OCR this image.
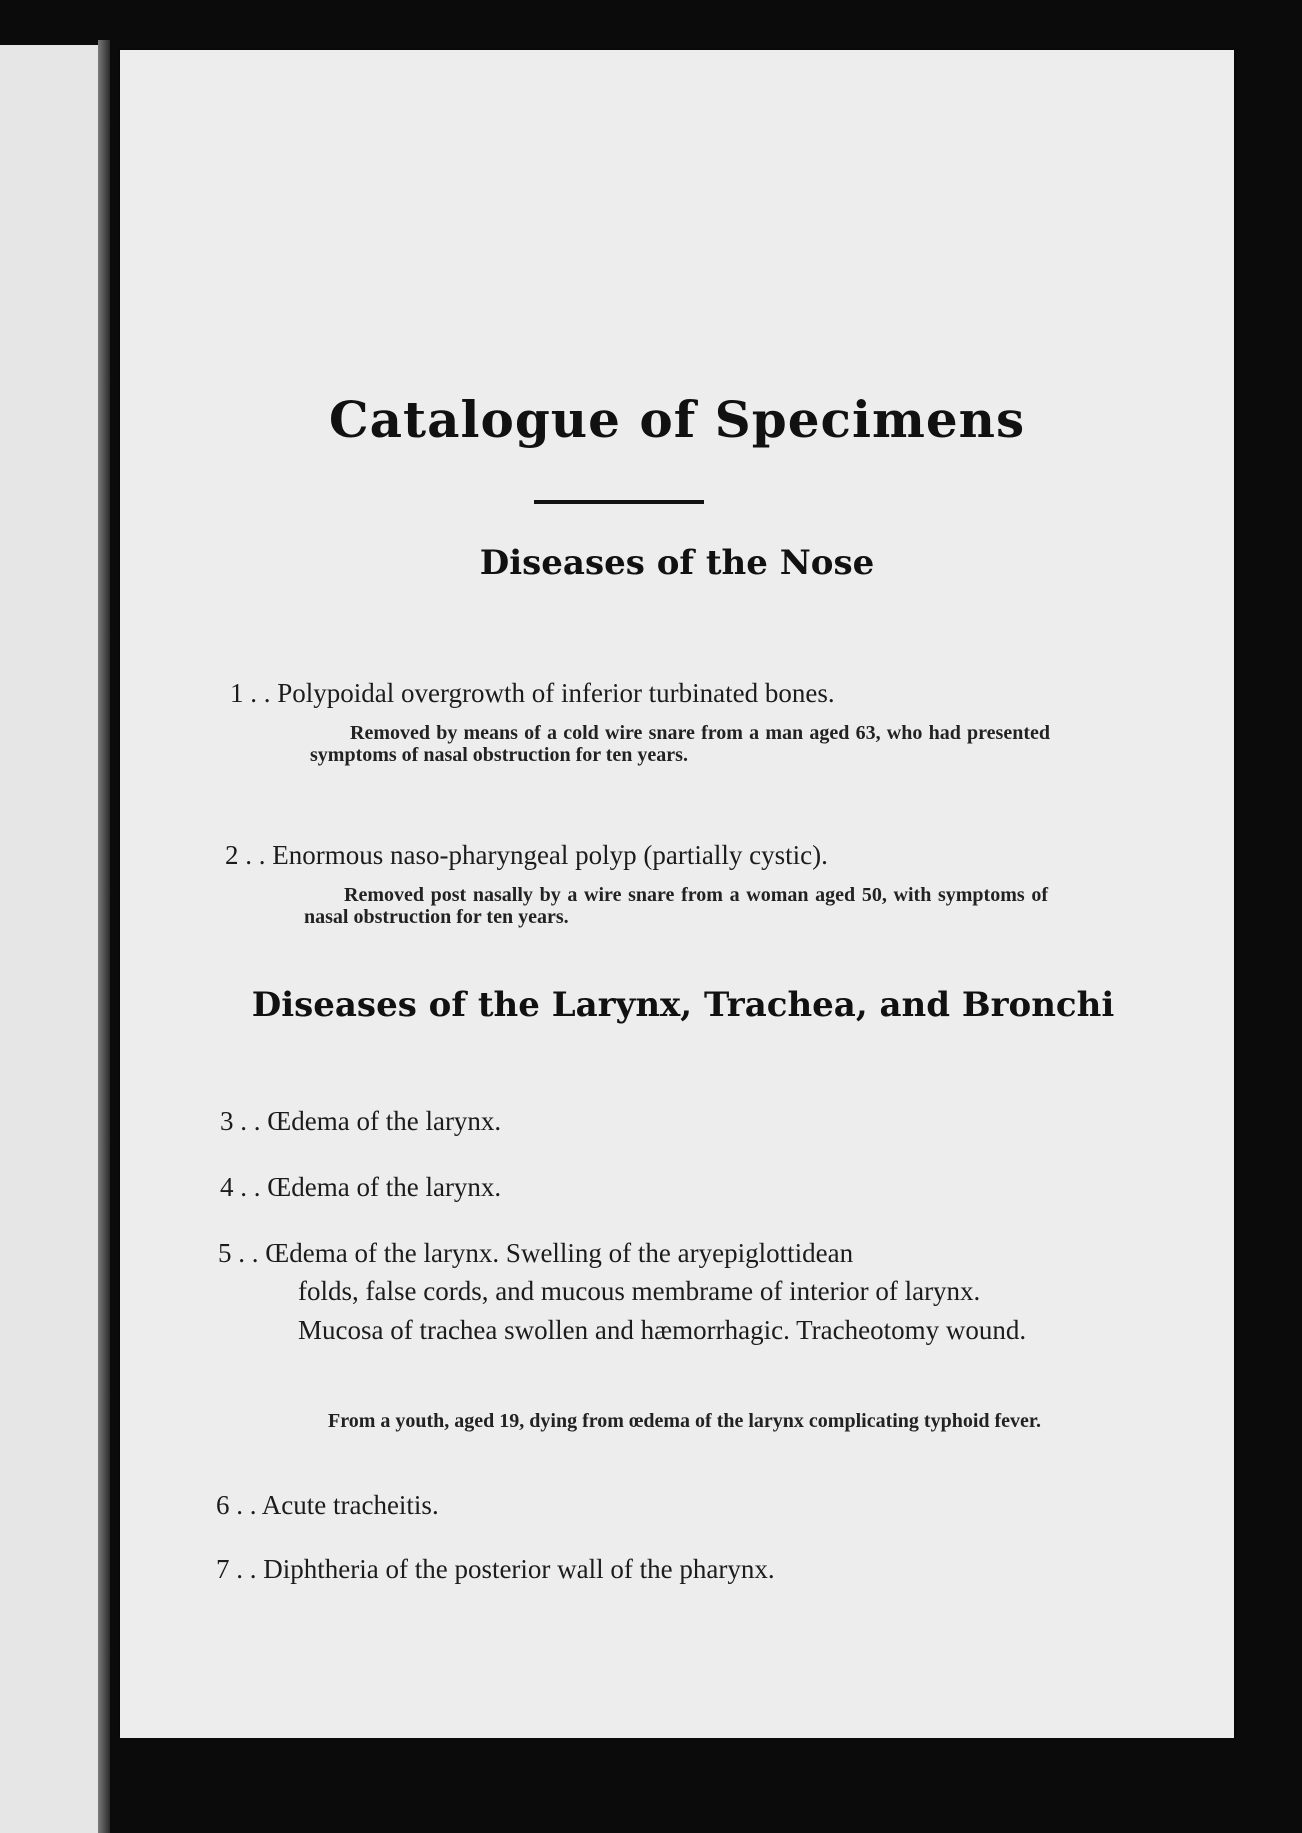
Catalogue of Specimens
Diseases of the Nose
1 . . Polypoidal overgrowth of inferior turbinated bones.
Removed by means of a cold wire snare from a man aged 63, who had presented symptoms of nasal obstruction for ten years.
2 . . Enormous naso-pharyngeal polyp (partially cystic).
Removed post nasally by a wire snare from a woman aged 50, with symptoms of nasal obstruction for ten years.
Diseases of the Larynx, Trachea, and Bronchi
3 . . Œdema of the larynx.
4 . . Œdema of the larynx.
5 . . Œdema of the larynx. Swelling of the aryepiglottidean
folds, false cords, and mucous membrame of interior of larynx. Mucosa of trachea swollen and hæmorrhagic. Tracheotomy wound.
From a youth, aged 19, dying from œdema of the larynx complicating typhoid fever.
6 . . Acute tracheitis.
7 . . Diphtheria of the posterior wall of the pharynx.
